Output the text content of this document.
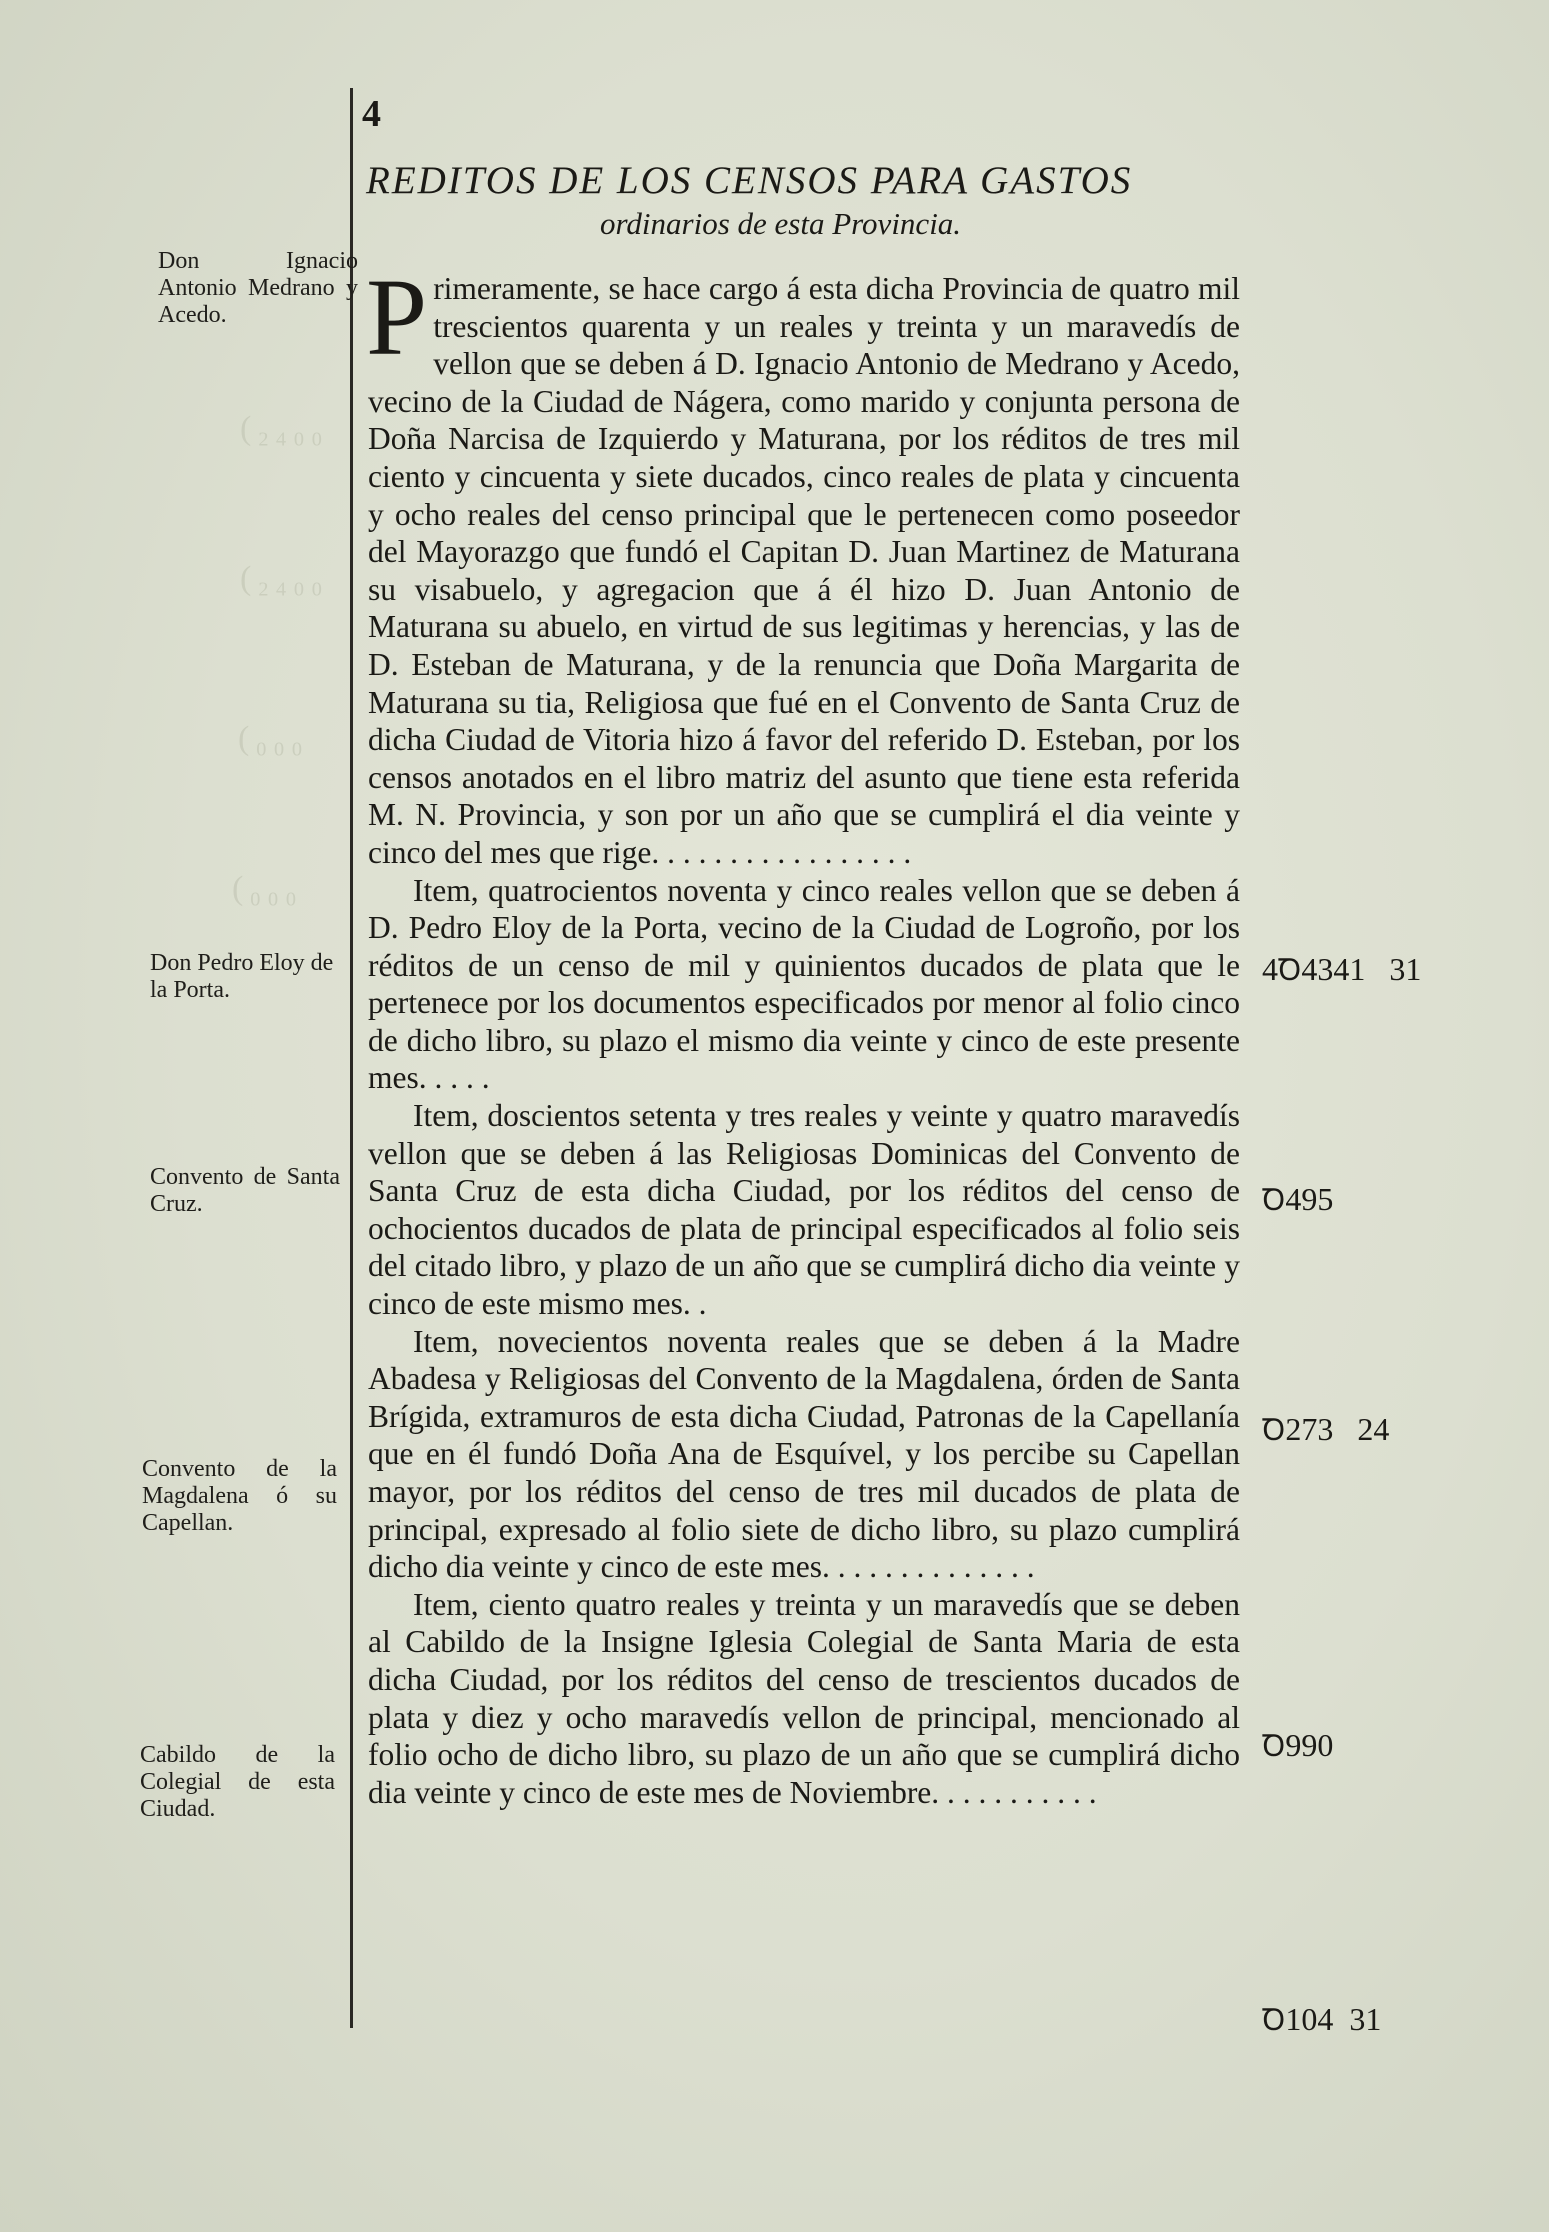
4
REDITOS DE LOS CENSOS PARA GASTOS
ordinarios de esta Provincia.
Don Ignacio Antonio Medrano y Acedo.
Don Pedro Eloy de la Porta.
Convento de Santa Cruz.
Convento de la Magdalena ó su Capellan.
Cabildo de la Colegial de esta Ciudad.
(₂₄₀₀
(₂₄₀₀
(₀₀₀
(₀₀₀

Primeramente, se hace cargo á esta dicha Provincia de quatro mil trescientos quarenta y un reales y treinta y un maravedís de vellon que se deben á D. Ignacio Antonio de Medrano y Acedo, vecino de la Ciudad de Nágera, como marido y conjunta persona de Doña Narcisa de Izquierdo y Maturana, por los réditos de tres mil ciento y cincuenta y siete ducados, cinco reales de plata y cincuenta y ocho reales del censo principal que le pertenecen como poseedor del Mayorazgo que fundó el Capitan D. Juan Martinez de Maturana su visabuelo, y agregacion que á él hizo D. Juan Antonio de Maturana su abuelo, en virtud de sus legitimas y herencias, y las de D. Esteban de Maturana, y de la renuncia que Doña Margarita de Maturana su tia, Religiosa que fué en el Convento de Santa Cruz de dicha Ciudad de Vitoria hizo á favor del referido D. Esteban, por los censos anotados en el libro matriz del asunto que tiene esta referida M. N. Provincia, y son por un año que se cumplirá el dia veinte y cinco del mes que rige. . . . . . . . . . . . . . . . .

Item, quatrocientos noventa y cinco reales vellon que se deben á D. Pedro Eloy de la Porta, vecino de la Ciudad de Logroño, por los réditos de un censo de mil y quinientos ducados de plata que le pertenece por los documentos especificados por menor al folio cinco de dicho libro, su plazo el mismo dia veinte y cinco de este presente mes. . . . .

Item, doscientos setenta y tres reales y veinte y quatro maravedís vellon que se deben á las Religiosas Dominicas del Convento de Santa Cruz de esta dicha Ciudad, por los réditos del censo de ochocientos ducados de plata de principal especificados al folio seis del citado libro, y plazo de un año que se cumplirá dicho dia veinte y cinco de este mismo mes. .

Item, novecientos noventa reales que se deben á la Madre Abadesa y Religiosas del Convento de la Magdalena, órden de Santa Brígida, extramuros de esta dicha Ciudad, Patronas de la Capellanía que en él fundó Doña Ana de Esquível, y los percibe su Capellan mayor, por los réditos del censo de tres mil ducados de plata de principal, expresado al folio siete de dicho libro, su plazo cumplirá dicho dia veinte y cinco de este mes. . . . . . . . . . . . . .

Item, ciento quatro reales y treinta y un maravedís que se deben al Cabildo de la Insigne Iglesia Colegial de Santa Maria de esta dicha Ciudad, por los réditos del censo de trescientos ducados de plata y diez y ocho maravedís vellon de principal, mencionado al folio ocho de dicho libro, su plazo de un año que se cumplirá dicho dia veinte y cinco de este mes de Noviembre. . . . . . . . . . .

4Ꝺ4341 31
Ꝺ495
Ꝺ273 24
Ꝺ990
Ꝺ104 31
